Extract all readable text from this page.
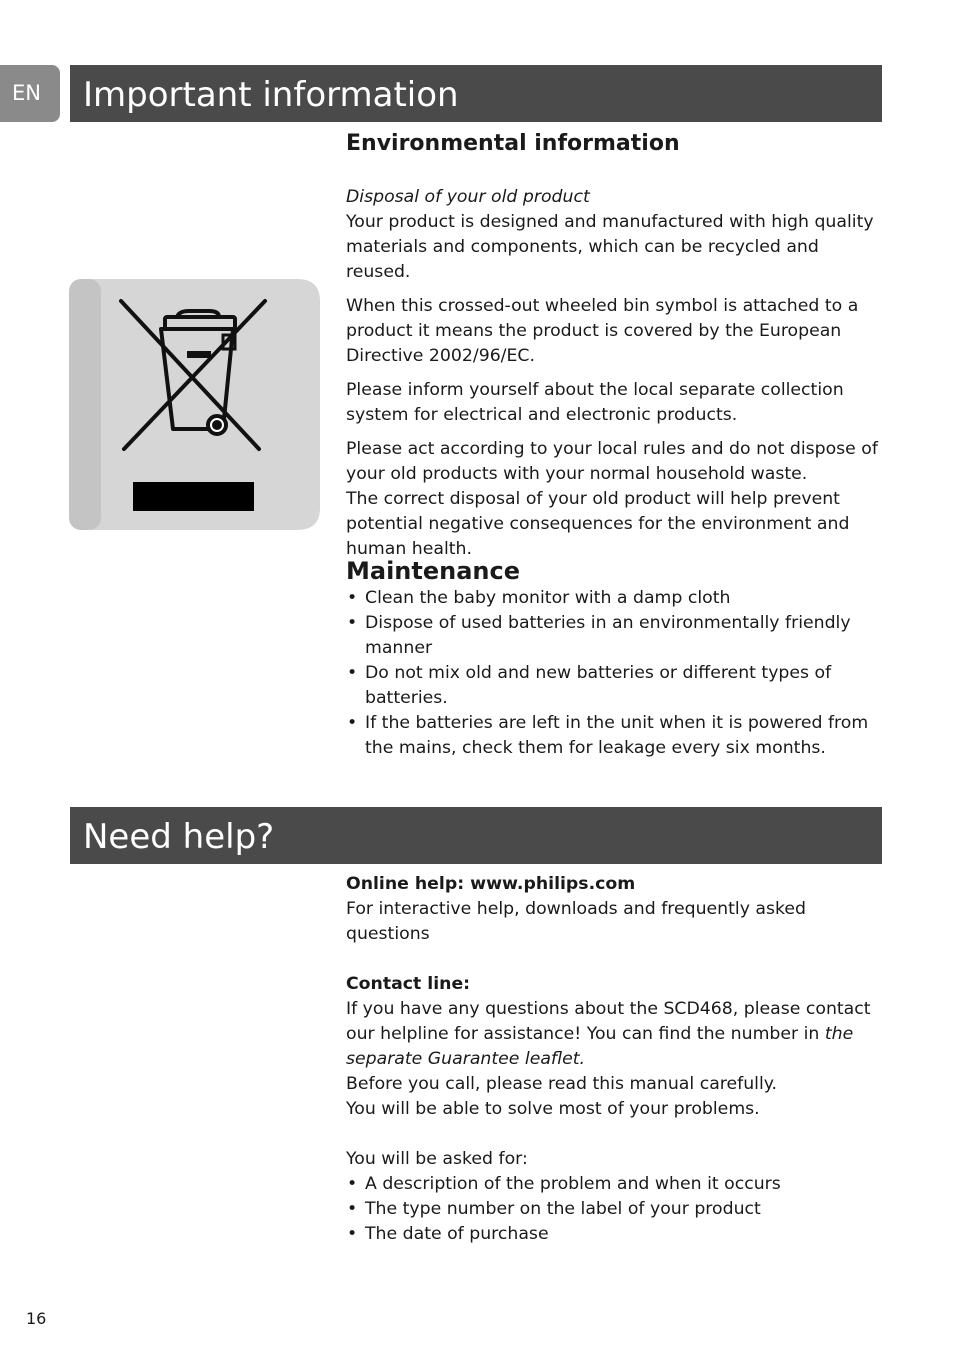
EN	Important information

Environmental information

Disposal of your old product

Your product is designed and manufactured with high quality materials and components, which can be recycled and reused.

When this crossed-out wheeled bin symbol is attached to a product it means the product is covered by the European Directive 2002/96/EC.

Please inform yourself about the local separate collection system for electrical and electronic products.

Please act according to your local rules and do not dispose of your old products with your normal household waste.

The correct disposal of your old product will help prevent potential negative consequences for the environment and human health.

Maintenance

• Clean the baby monitor with a damp cloth
• Dispose of used batteries in an environmentally friendly manner
• Do not mix old and new batteries or different types of batteries.
• If the batteries are left in the unit when it is powered from the mains, check them for leakage every six months.
Need help?

Online help: www.philips.com

For interactive help, downloads and frequently asked questions

Contact line:

If you have any questions about the SCD468, please contact our helpline for assistance! You can find the number in the separate Guarantee leaflet.

Before you call, please read this manual carefully.

You will be able to solve most of your problems.

You will be asked for:

• A description of the problem and when it occurs
• The type number on the label of your product
• The date of purchase
16
